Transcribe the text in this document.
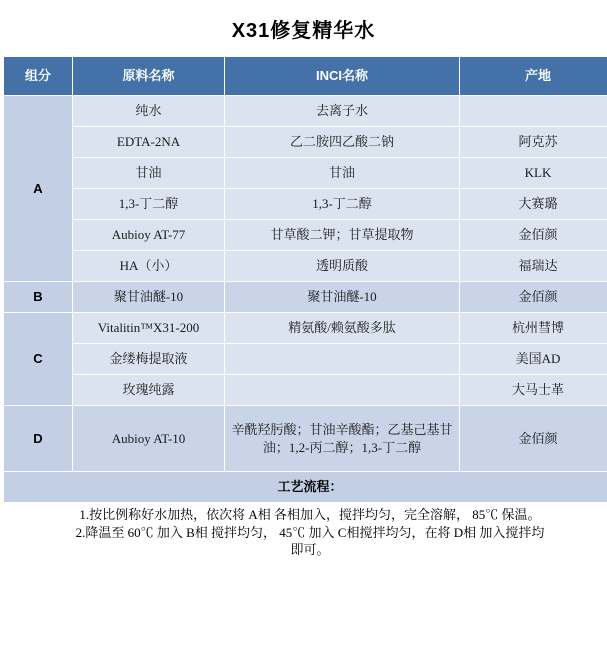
X31修复精华水
组分	原料名称	INCI名称	产地
A	纯水	去离子水	
	EDTA-2NA	乙二胺四乙酸二钠	阿克苏
	甘油	甘油	KLK
	1,3-丁二醇	1,3-丁二醇	大赛璐
	Aubioy AT-77	甘草酸二钾；甘草提取物	金佰颜
	HA（小）	透明质酸	福瑞达
B	聚甘油醚-10	聚甘油醚-10	金佰颜
C	Vitalitin™X31-200	精氨酸/赖氨酸多肽	杭州彗博
	金缕梅提取液		美国AD
	玫瑰纯露		大马士革
D	Aubioy AT-10	辛酰羟肟酸；甘油辛酸酯；乙基己基甘油；1,2-丙二醇；1,3-丁二醇	金佰颜
工艺流程：			

1.按比例称好水加热，依次将 A相 各相加入，搅拌均匀，完全溶解， 85℃ 保温。
2.降温至 60℃ 加入 B相 搅拌均匀， 45℃ 加入 C相搅拌均匀，在将 D相 加入搅拌均
即可。			
